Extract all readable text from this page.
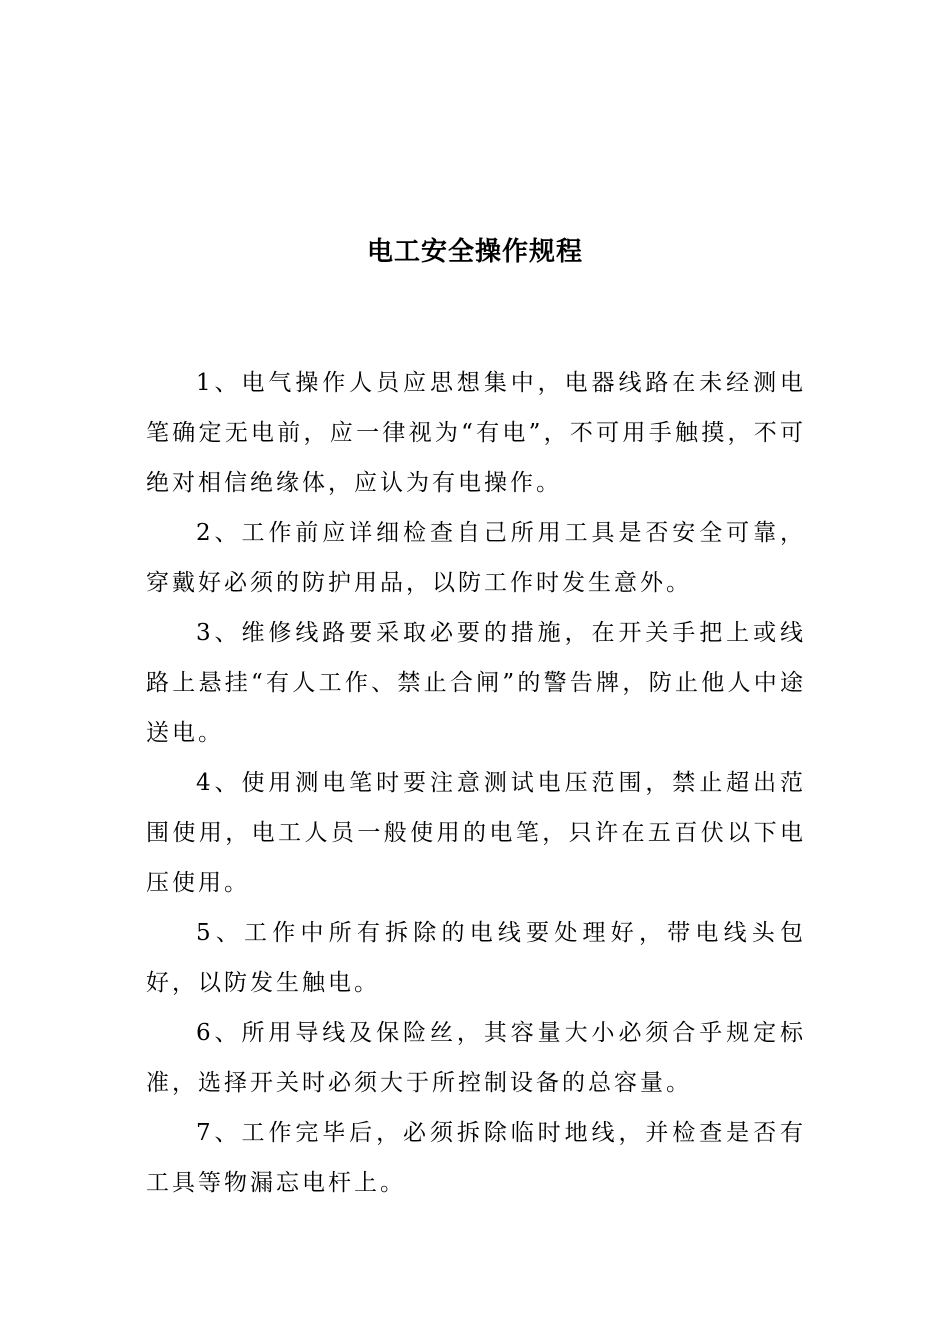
电工安全操作规程

1、电气操作人员应思想集中，电器线路在未经测电笔确定无电前，应一律视为“有电”，不可用手触摸，不可绝对相信绝缘体，应认为有电操作。

2、工作前应详细检查自己所用工具是否安全可靠，穿戴好必须的防护用品，以防工作时发生意外。

3、维修线路要采取必要的措施，在开关手把上或线路上悬挂“有人工作、禁止合闸”的警告牌，防止他人中途送电。

4、使用测电笔时要注意测试电压范围，禁止超出范围使用，电工人员一般使用的电笔，只许在五百伏以下电压使用。

5、工作中所有拆除的电线要处理好，带电线头包好，以防发生触电。

6、所用导线及保险丝，其容量大小必须合乎规定标准，选择开关时必须大于所控制设备的总容量。

7、工作完毕后，必须拆除临时地线，并检查是否有工具等物漏忘电杆上。
